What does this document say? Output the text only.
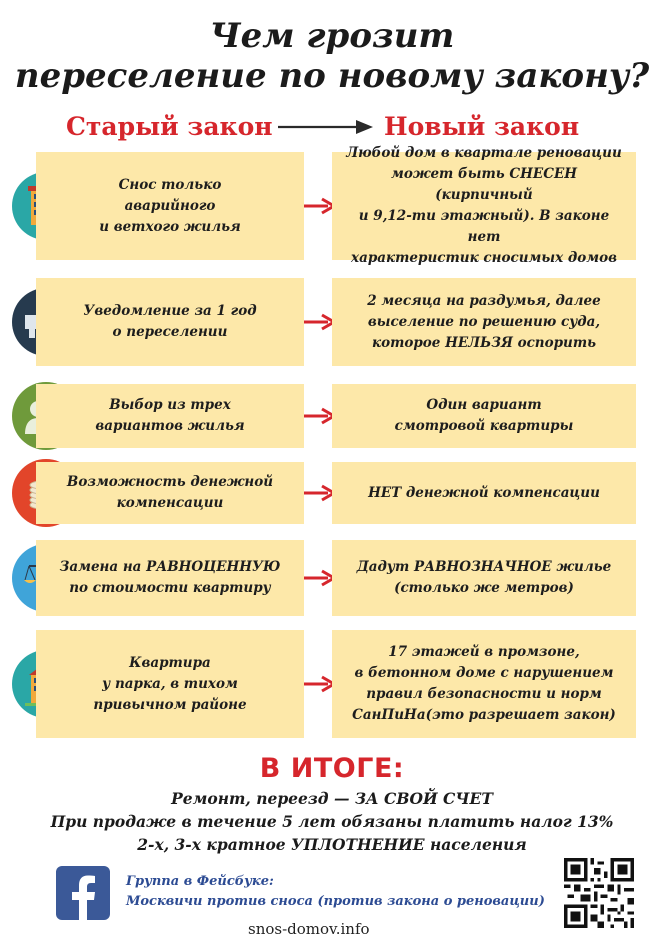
Чем грозит
переселение по новому закону?
Старый закон	Новый закон
Снос только
аварийного
и ветхого жилья
Любой дом в квартале реновации
может быть СНЕСЕН (кирпичный
и 9,12-ти этажный). В законе нет
характеристик сносимых домов
Уведомление за 1 год
о переселении
2 месяца на раздумья, далее
выселение по решению суда,
которое НЕЛЬЗЯ оспорить
Выбор из трех
вариантов жилья
Один вариант
смотровой квартиры
Возможность денежной
компенсации
НЕТ денежной компенсации
Замена на РАВНОЦЕННУЮ
по стоимости квартиру
Дадут РАВНОЗНАЧНОЕ жилье
(столько же метров)
Квартира
у парка, в тихом
привычном районе
17 этажей в промзоне,
в бетонном доме с нарушением
правил безопасности и норм
СанПиНа(это разрешает закон)
В ИТОГЕ:
Ремонт, переезд — ЗА СВОЙ СЧЕТ
При продаже в течение 5 лет обязаны платить налог 13%
2-х, 3-х кратное УПЛОТНЕНИЕ населения
Группа в Фейсбуке:
Москвичи против сноса (против закона о реновации)
snos-domov.info
